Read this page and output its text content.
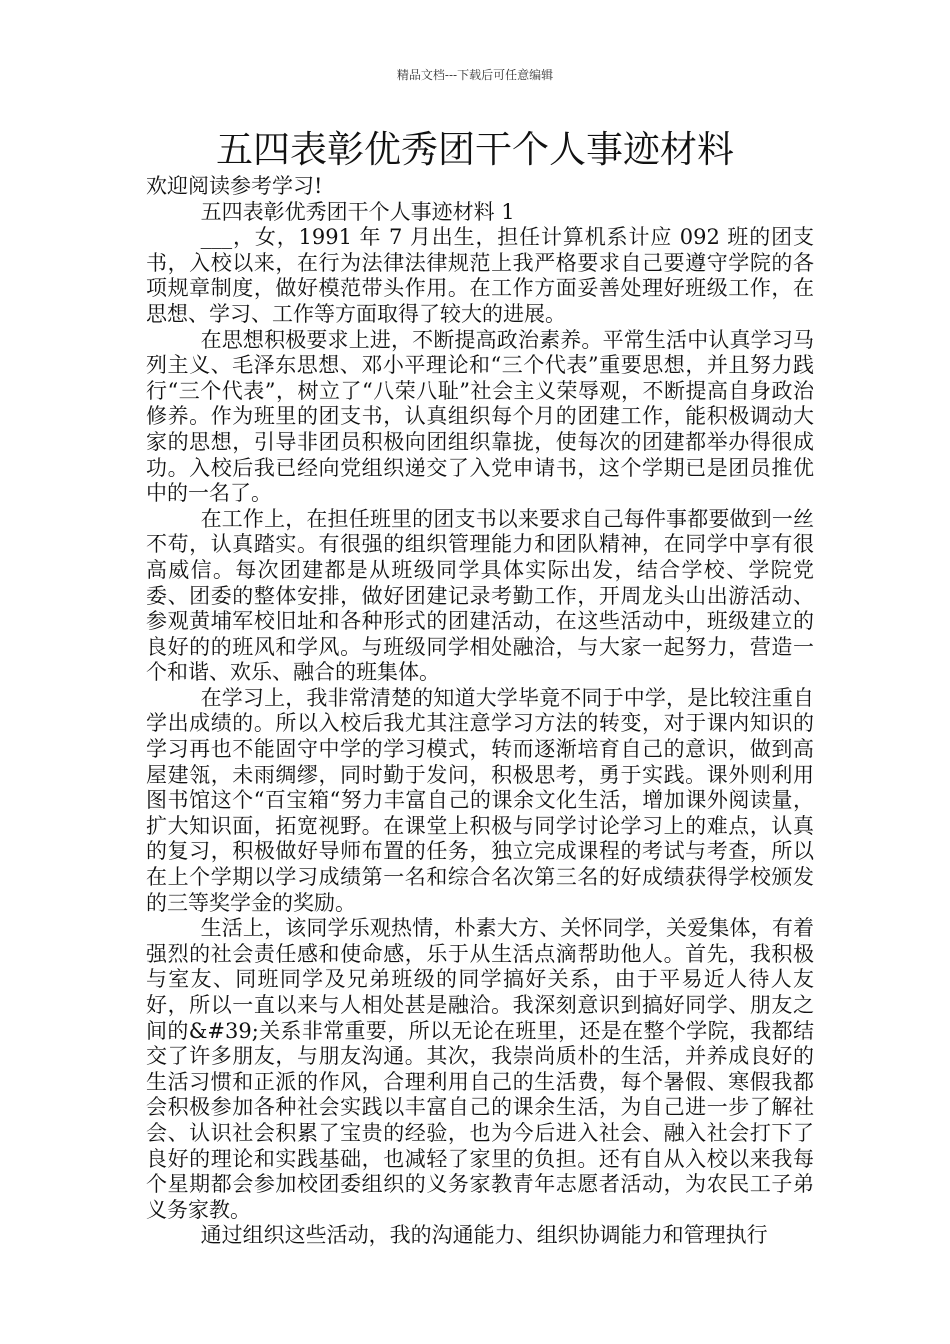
精品文档---下载后可任意编辑
五四表彰优秀团干个人事迹材料

欢迎阅读参考学习!

五四表彰优秀团干个人事迹材料 1

___，女，1991 年 7 月出生，担任计算机系计应 092 班的团支书，入校以来，在行为法律法律规范上我严格要求自己要遵守学院的各项规章制度，做好模范带头作用。在工作方面妥善处理好班级工作，在思想、学习、工作等方面取得了较大的进展。

在思想积极要求上进，不断提高政治素养。平常生活中认真学习马列主义、毛泽东思想、邓小平理论和“三个代表”重要思想，并且努力践行“三个代表”，树立了“八荣八耻”社会主义荣辱观，不断提高自身政治修养。作为班里的团支书，认真组织每个月的团建工作，能积极调动大家的思想，引导非团员积极向团组织靠拢，使每次的团建都举办得很成功。入校后我已经向党组织递交了入党申请书，这个学期已是团员推优中的一名了。

在工作上，在担任班里的团支书以来要求自己每件事都要做到一丝不苟，认真踏实。有很强的组织管理能力和团队精神，在同学中享有很高威信。每次团建都是从班级同学具体实际出发，结合学校、学院党委、团委的整体安排，做好团建记录考勤工作，开周龙头山出游活动、参观黄埔军校旧址和各种形式的团建活动，在这些活动中，班级建立的良好的的班风和学风。与班级同学相处融洽，与大家一起努力，营造一个和谐、欢乐、融合的班集体。

在学习上，我非常清楚的知道大学毕竟不同于中学，是比较注重自学出成绩的。所以入校后我尤其注意学习方法的转变，对于课内知识的学习再也不能固守中学的学习模式，转而逐渐培育自己的意识，做到高屋建瓴，未雨绸缪，同时勤于发问，积极思考，勇于实践。课外则利用图书馆这个“百宝箱“努力丰富自己的课余文化生活，增加课外阅读量，扩大知识面，拓宽视野。在课堂上积极与同学讨论学习上的难点，认真的复习，积极做好导师布置的任务，独立完成课程的考试与考查，所以在上个学期以学习成绩第一名和综合名次第三名的好成绩获得学校颁发的三等奖学金的奖励。

生活上，该同学乐观热情，朴素大方、关怀同学，关爱集体，有着强烈的社会责任感和使命感，乐于从生活点滴帮助他人。首先，我积极与室友、同班同学及兄弟班级的同学搞好关系，由于平易近人待人友好，所以一直以来与人相处甚是融洽。我深刻意识到搞好同学、朋友之间的&#39;关系非常重要，所以无论在班里，还是在整个学院，我都结交了许多朋友，与朋友沟通。其次，我崇尚质朴的生活，并养成良好的生活习惯和正派的作风，合理利用自己的生活费，每个暑假、寒假我都会积极参加各种社会实践以丰富自己的课余生活，为自己进一步了解社会、认识社会积累了宝贵的经验，也为今后进入社会、融入社会打下了良好的理论和实践基础，也减轻了家里的负担。还有自从入校以来我每个星期都会参加校团委组织的义务家教青年志愿者活动，为农民工子弟义务家教。

通过组织这些活动，我的沟通能力、组织协调能力和管理执行
